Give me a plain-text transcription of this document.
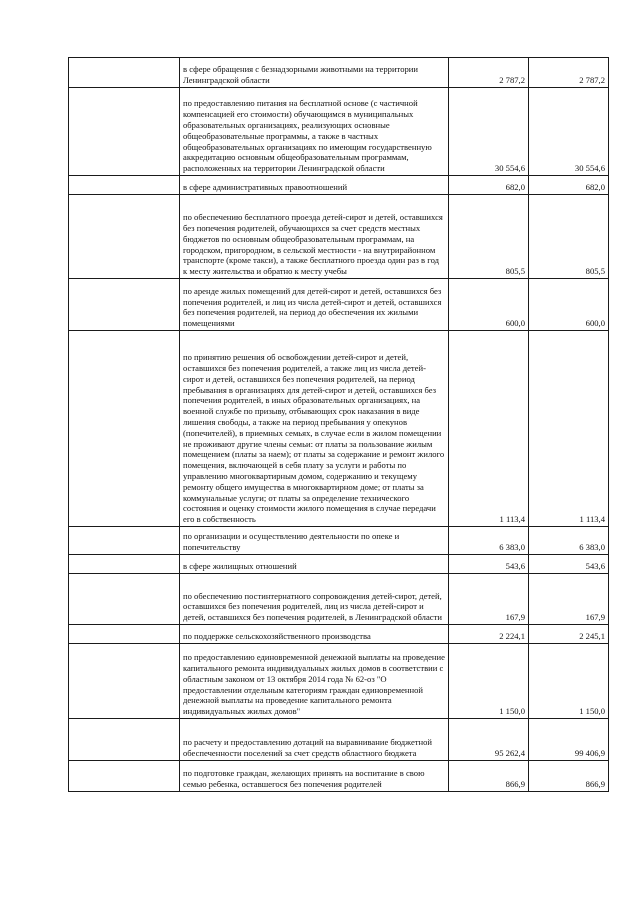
	в сфере обращения с безнадзорными животными на территории Ленинградской области	2 787,2	2 787,2
	по предоставлению питания на бесплатной основе (с частичной компенсацией его стоимости) обучающимся в муниципальных образовательных организациях, реализующих основные общеобразовательные программы, а также в частных общеобразовательных организациях по имеющим государственную аккредитацию основным общеобразовательным программам, расположенных на территории Ленинградской области	30 554,6	30 554,6
	в сфере административных правоотношений	682,0	682,0
	по обеспечению бесплатного проезда детей-сирот и детей, оставшихся без попечения родителей, обучающихся за счет средств местных бюджетов по основным общеобразовательным программам, на городском, пригородном, в сельской местности - на внутрирайонном транспорте (кроме такси), а также бесплатного проезда один раз в год к месту жительства и обратно к месту учебы	805,5	805,5
	по аренде жилых помещений для детей-сирот и детей, оставшихся без попечения родителей, и лиц из числа детей-сирот и детей, оставшихся без попечения родителей, на период до обеспечения их жилыми помещениями	600,0	600,0
	по принятию решения об освобождении детей-сирот и детей, оставшихся без попечения родителей, а также лиц из числа детей-сирот и детей, оставшихся без попечения родителей, на период пребывания в организациях для детей-сирот и детей, оставшихся без попечения родителей, в иных образовательных организациях, на военной службе по призыву, отбывающих срок наказания в виде лишения свободы, а также на период пребывания у опекунов (попечителей), в приемных семьях, в случае если в жилом помещении не проживают другие члены семьи: от платы за пользование жилым помещением (платы за наем); от платы за содержание и ремонт жилого помещения, включающей в себя плату за услуги и работы по управлению многоквартирным домом, содержанию и текущему ремонту общего имущества в многоквартирном доме; от платы за коммунальные услуги; от платы за определение технического состояния и оценку стоимости жилого помещения в случае передачи его в собственность	1 113,4	1 113,4
	по организации и осуществлению деятельности по опеке и попечительству	6 383,0	6 383,0
	в сфере жилищных отношений	543,6	543,6
	по обеспечению постинтернатного сопровождения детей-сирот, детей, оставшихся без попечения родителей, лиц из числа детей-сирот и детей, оставшихся без попечения родителей, в Ленинградской области	167,9	167,9
	по поддержке сельскохозяйственного производства	2 224,1	2 245,1
	по предоставлению единовременной денежной выплаты на проведение капитального ремонта индивидуальных жилых домов в соответствии с областным законом от 13 октября 2014 года № 62-оз "О предоставлении отдельным категориям граждан единовременной денежной выплаты на проведение капитального ремонта индивидуальных жилых домов"	1 150,0	1 150,0
	по расчету и предоставлению дотаций на выравнивание бюджетной обеспеченности поселений за счет средств областного бюджета	95 262,4	99 406,9
	по подготовке граждан, желающих принять на воспитание в свою семью ребенка, оставшегося без попечения родителей	866,9	866,9
